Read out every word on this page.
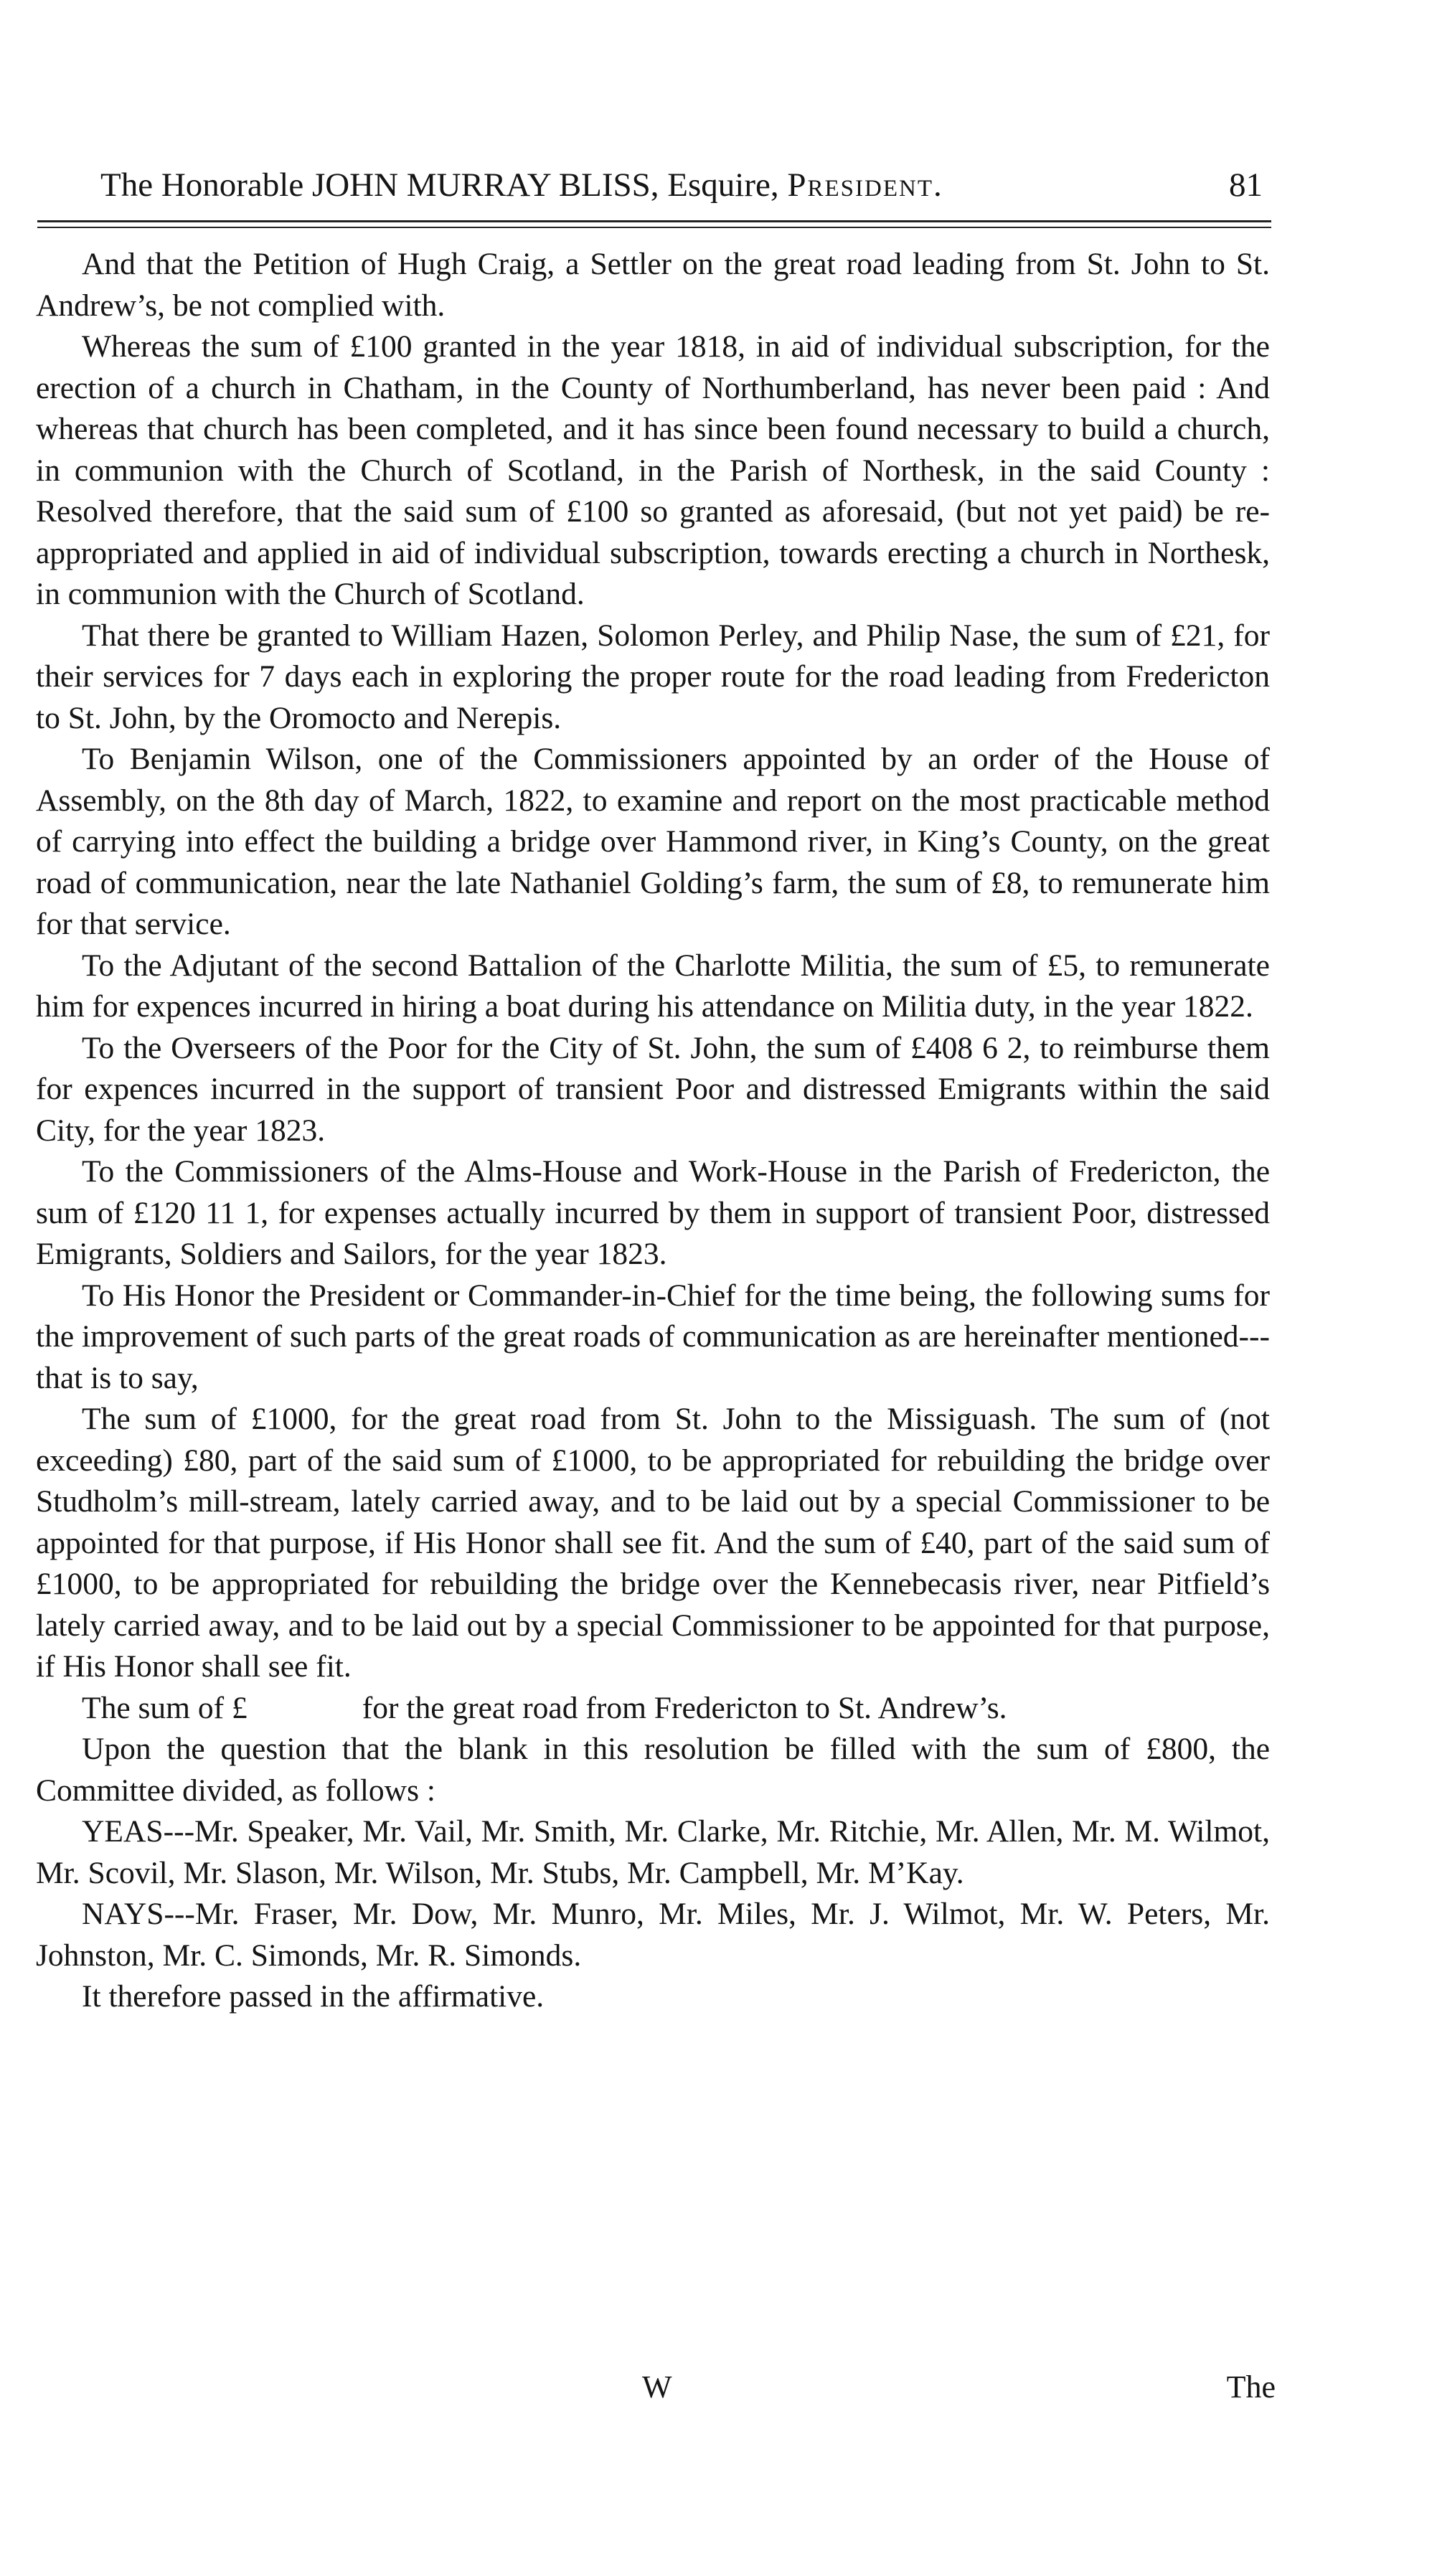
The Honorable JOHN MURRAY BLISS, Esquire, President.	81

And that the Petition of Hugh Craig, a Settler on the great road leading from St. John to St. Andrew’s, be not complied with.

Whereas the sum of £100 granted in the year 1818, in aid of individual subscription, for the erection of a church in Chatham, in the County of Northumberland, has never been paid : And whereas that church has been completed, and it has since been found necessary to build a church, in communion with the Church of Scotland, in the Parish of Northesk, in the said County : Resolved therefore, that the said sum of £100 so granted as aforesaid, (but not yet paid) be re-appropriated and applied in aid of individual subscription, towards erecting a church in Northesk, in communion with the Church of Scotland.

That there be granted to William Hazen, Solomon Perley, and Philip Nase, the sum of £21, for their services for 7 days each in exploring the proper route for the road leading from Fredericton to St. John, by the Oromocto and Nerepis.

To Benjamin Wilson, one of the Commissioners appointed by an order of the House of Assembly, on the 8th day of March, 1822, to examine and report on the most practicable method of carrying into effect the building a bridge over Hammond river, in King’s County, on the great road of communication, near the late Nathaniel Golding’s farm, the sum of £8, to remunerate him for that service.

To the Adjutant of the second Battalion of the Charlotte Militia, the sum of £5, to remunerate him for expences incurred in hiring a boat during his attendance on Militia duty, in the year 1822.

To the Overseers of the Poor for the City of St. John, the sum of £408 6 2, to reimburse them for expences incurred in the support of transient Poor and distressed Emigrants within the said City, for the year 1823.

To the Commissioners of the Alms-House and Work-House in the Parish of Fredericton, the sum of £120 11 1, for expenses actually incurred by them in support of transient Poor, distressed Emigrants, Soldiers and Sailors, for the year 1823.

To His Honor the President or Commander-in-Chief for the time being, the following sums for the improvement of such parts of the great roads of communication as are hereinafter mentioned---that is to say,

The sum of £1000, for the great road from St. John to the Missiguash. The sum of (not exceeding) £80, part of the said sum of £1000, to be appropriated for rebuilding the bridge over Studholm’s mill-stream, lately carried away, and to be laid out by a special Commissioner to be appointed for that purpose, if His Honor shall see fit. And the sum of £40, part of the said sum of £1000, to be appropriated for rebuilding the bridge over the Kennebecasis river, near Pitfield’s lately carried away, and to be laid out by a special Commissioner to be appointed for that purpose, if His Honor shall see fit.

The sum of £	for the great road from Fredericton to St. Andrew’s.

Upon the question that the blank in this resolution be filled with the sum of £800, the Committee divided, as follows :

YEAS---Mr. Speaker, Mr. Vail, Mr. Smith, Mr. Clarke, Mr. Ritchie, Mr. Allen, Mr. M. Wilmot, Mr. Scovil, Mr. Slason, Mr. Wilson, Mr. Stubs, Mr. Campbell, Mr. M’Kay.

NAYS---Mr. Fraser, Mr. Dow, Mr. Munro, Mr. Miles, Mr. J. Wilmot, Mr. W. Peters, Mr. Johnston, Mr. C. Simonds, Mr. R. Simonds.

It therefore passed in the affirmative.

W	The
